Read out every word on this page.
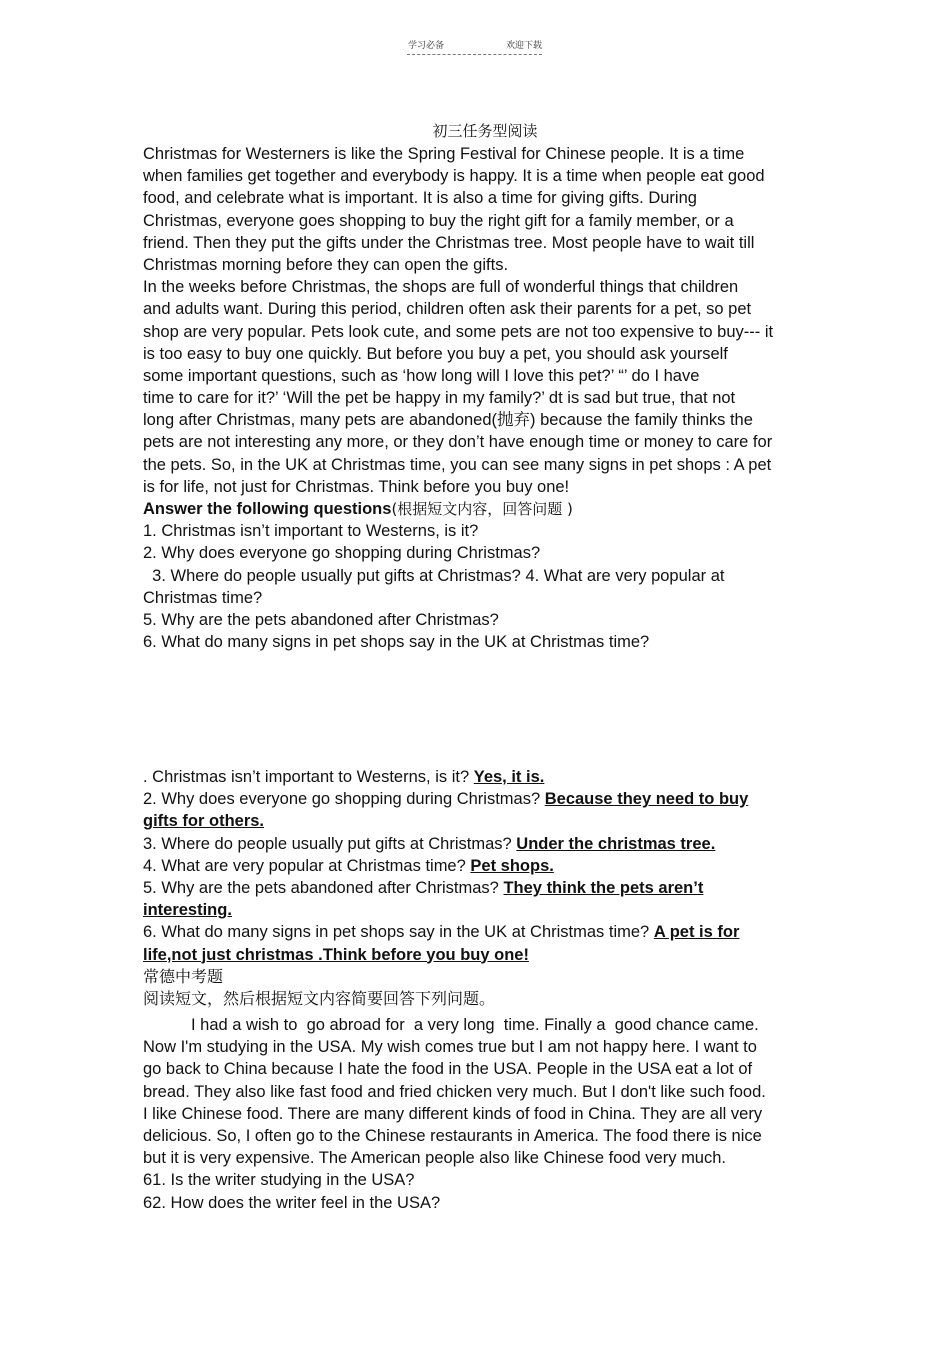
学习必备	欢迎下载
初三任务型阅读
Christmas for Westerners is like the Spring Festival for Chinese people. It is a time
when families get together and everybody is happy. It is a time when people eat good
food, and celebrate what is important. It is also a time for giving gifts. During
Christmas, everyone goes shopping to buy the right gift for a family member, or a
friend. Then they put the gifts under the Christmas tree. Most people have to wait till
Christmas morning before they can open the gifts.
In the weeks before Christmas, the shops are full of wonderful things that children
and adults want. During this period, children often ask their parents for a pet, so pet
shop are very popular. Pets look cute, and some pets are not too expensive to buy--- it
is too easy to buy one quickly. But before you buy a pet, you should ask yourself
some important questions, such as ‘how long will I love this pet?’ “’ do I have
time to care for it?’ ‘Will the pet be happy in my family?’ dt is sad but true, that not
long after Christmas, many pets are abandoned(抛弃) because the family thinks the
pets are not interesting any more, or they don’t have enough time or money to care for
the pets. So, in the UK at Christmas time, you can see many signs in pet shops : A pet
is for life, not just for Christmas. Think before you buy one!
Answer the following questions(根据短文内容，回答问题 )
1. Christmas isn’t important to Westerns, is it?
2. Why does everyone go shopping during Christmas?
3. Where do people usually put gifts at Christmas? 4. What are very popular at
Christmas time?
5. Why are the pets abandoned after Christmas?
6. What do many signs in pet shops say in the UK at Christmas time?
. Christmas isn’t important to Westerns, is it? Yes, it is.
2. Why does everyone go shopping during Christmas? Because they need to buy
gifts for others.
3. Where do people usually put gifts at Christmas? Under the christmas tree.
4. What are very popular at Christmas time? Pet shops.
5. Why are the pets abandoned after Christmas? They think the pets aren’t
interesting.
6. What do many signs in pet shops say in the UK at Christmas time? A pet is for
life,not just christmas .Think before you buy one!
常德中考题
阅读短文，然后根据短文内容简要回答下列问题。
I had a wish to  go abroad for  a very long  time. Finally a  good chance came.
Now I'm studying in the USA. My wish comes true but I am not happy here. I want to
go back to China because I hate the food in the USA. People in the USA eat a lot of
bread. They also like fast food and fried chicken very much. But I don't like such food.
I like Chinese food. There are many different kinds of food in China. They are all very
delicious. So, I often go to the Chinese restaurants in America. The food there is nice
but it is very expensive. The American people also like Chinese food very much.
61. Is the writer studying in the USA?
62. How does the writer feel in the USA?
